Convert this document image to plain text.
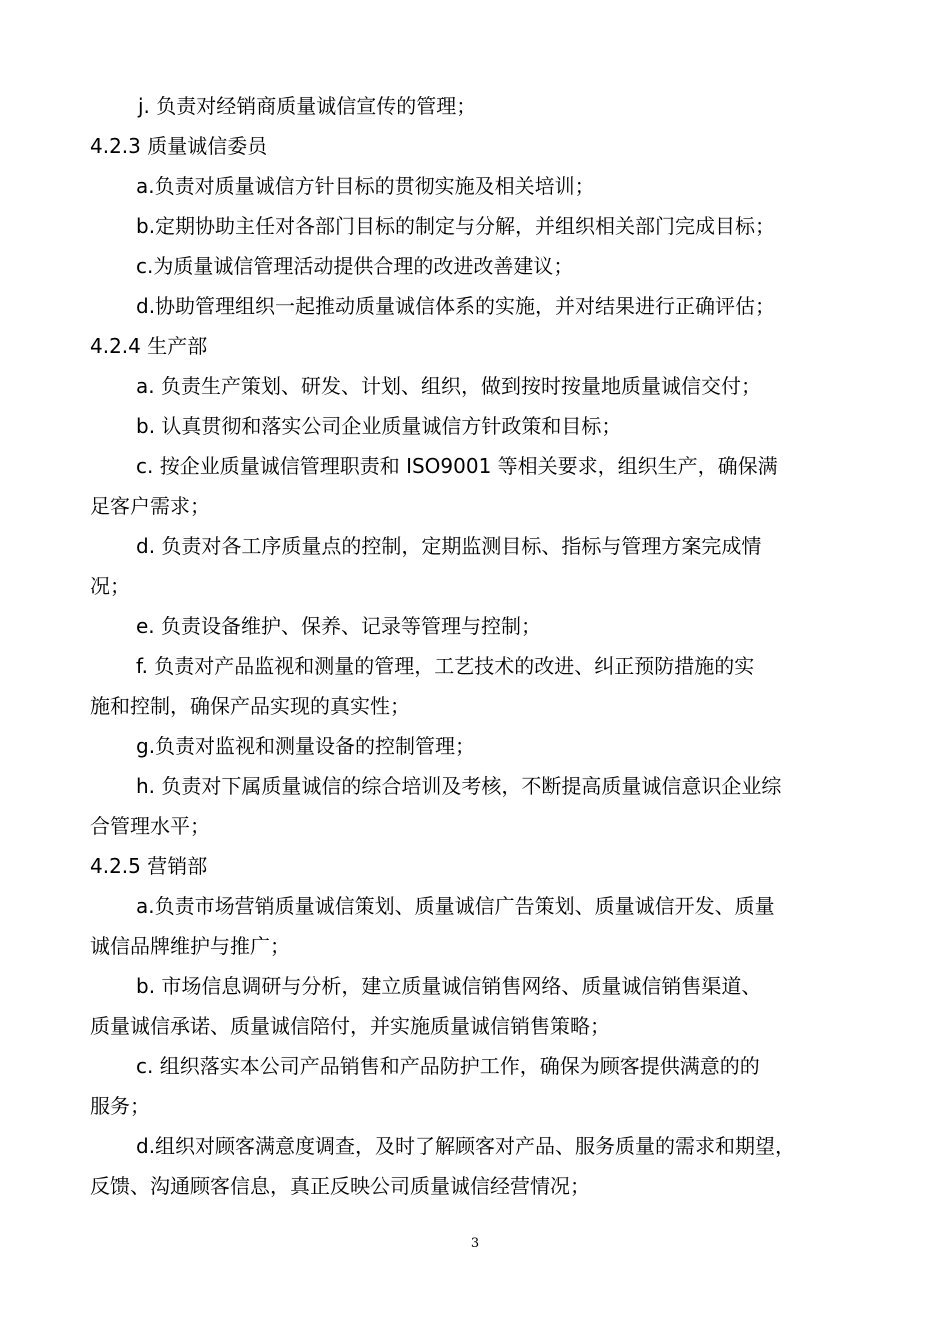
j. 负责对经销商质量诚信宣传的管理；
4.2.3 质量诚信委员
a.负责对质量诚信方针目标的贯彻实施及相关培训；
b.定期协助主任对各部门目标的制定与分解，并组织相关部门完成目标；
c.为质量诚信管理活动提供合理的改进改善建议；
d.协助管理组织一起推动质量诚信体系的实施，并对结果进行正确评估；
4.2.4 生产部
a. 负责生产策划、研发、计划、组织，做到按时按量地质量诚信交付；
b. 认真贯彻和落实公司企业质量诚信方针政策和目标；
c. 按企业质量诚信管理职责和 ISO9001 等相关要求，组织生产，确保满
足客户需求；
d. 负责对各工序质量点的控制，定期监测目标、指标与管理方案完成情
况；
e. 负责设备维护、保养、记录等管理与控制；
f. 负责对产品监视和测量的管理，工艺技术的改进、纠正预防措施的实
施和控制，确保产品实现的真实性；
g.负责对监视和测量设备的控制管理；
h. 负责对下属质量诚信的综合培训及考核，不断提高质量诚信意识企业综
合管理水平；
4.2.5 营销部
a.负责市场营销质量诚信策划、质量诚信广告策划、质量诚信开发、质量
诚信品牌维护与推广；
b. 市场信息调研与分析，建立质量诚信销售网络、质量诚信销售渠道、
质量诚信承诺、质量诚信陪付，并实施质量诚信销售策略；
c. 组织落实本公司产品销售和产品防护工作，确保为顾客提供满意的的
服务；
d.组织对顾客满意度调查，及时了解顾客对产品、服务质量的需求和期望，
反馈、沟通顾客信息，真正反映公司质量诚信经营情况；
3
